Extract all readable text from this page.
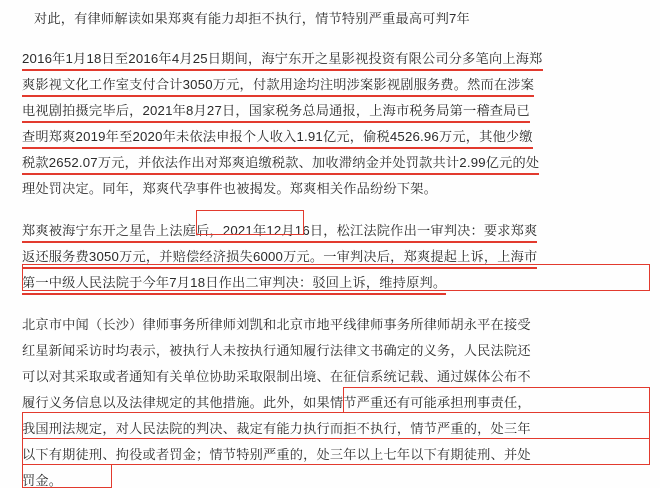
对此，有律师解读如果郑爽有能力却拒不执行，情节特别严重最高可判7年
2016年1月18日至2016年4月25日期间，海宁东开之星影视投资有限公司分多笔向上海郑
爽影视文化工作室支付合计3050万元，付款用途均注明涉案影视剧服务费。然而在涉案
电视剧拍摄完毕后，2021年8月27日，国家税务总局通报，上海市税务局第一稽查局已
查明郑爽2019年至2020年未依法申报个人收入1.91亿元，偷税4526.96万元，其他少缴
税款2652.07万元，并依法作出对郑爽追缴税款、加收滞纳金并处罚款共计2.99亿元的处
理处罚决定。同年，郑爽代孕事件也被揭发。郑爽相关作品纷纷下架。
郑爽被海宁东开之星告上法庭后，2021年12月16日，松江法院作出一审判决：要求郑爽
返还服务费3050万元，并赔偿经济损失6000万元。一审判决后，郑爽提起上诉，上海市
第一中级人民法院于今年7月18日作出二审判决：驳回上诉，维持原判。
北京市中闻（长沙）律师事务所律师刘凯和北京市地平线律师事务所律师胡永平在接受
红星新闻采访时均表示，被执行人未按执行通知履行法律文书确定的义务，人民法院还
可以对其采取或者通知有关单位协助采取限制出境、在征信系统记载、通过媒体公布不
履行义务信息以及法律规定的其他措施。此外，如果情节严重还有可能承担刑事责任，
我国刑法规定，对人民法院的判决、裁定有能力执行而拒不执行，情节严重的，处三年
以下有期徒刑、拘役或者罚金；情节特别严重的，处三年以上七年以下有期徒刑、并处
罚金。
